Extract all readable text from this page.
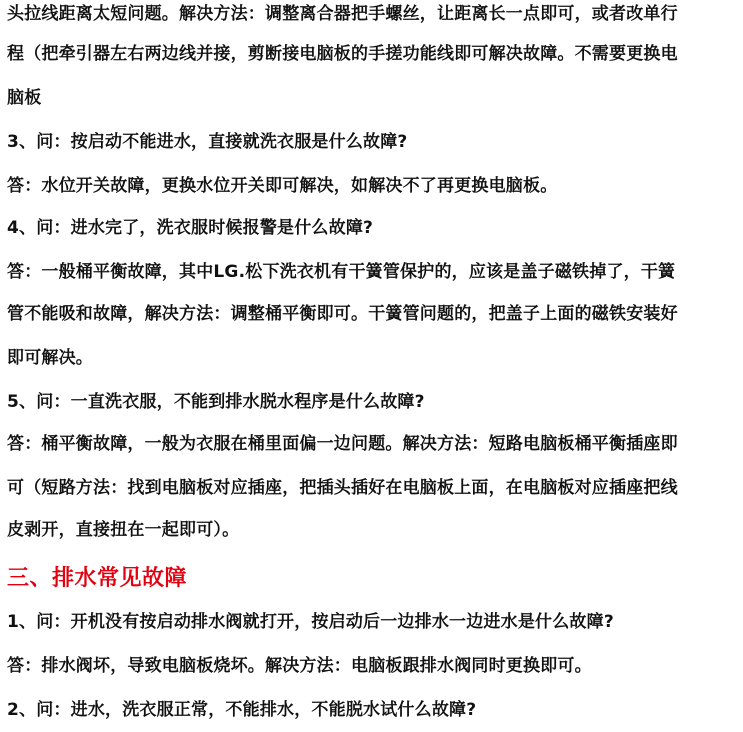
头拉线距离太短问题。解决方法：调整离合器把手螺丝，让距离长一点即可，或者改单行
程（把牵引器左右两边线并接，剪断接电脑板的手搓功能线即可解决故障。不需要更换电
脑板
3、问：按启动不能进水，直接就洗衣服是什么故障?
答：水位开关故障，更换水位开关即可解决，如解决不了再更换电脑板。
4、问：进水完了，洗衣服时候报警是什么故障?
答：一般桶平衡故障，其中LG.松下洗衣机有干簧管保护的，应该是盖子磁铁掉了，干簧
管不能吸和故障，解决方法：调整桶平衡即可。干簧管问题的，把盖子上面的磁铁安装好
即可解决。
5、问：一直洗衣服，不能到排水脱水程序是什么故障?
答：桶平衡故障，一般为衣服在桶里面偏一边问题。解决方法：短路电脑板桶平衡插座即
可（短路方法：找到电脑板对应插座，把插头插好在电脑板上面，在电脑板对应插座把线
皮剥开，直接扭在一起即可）。
三、排水常见故障
1、问：开机没有按启动排水阀就打开，按启动后一边排水一边进水是什么故障?
答：排水阀坏，导致电脑板烧坏。解决方法：电脑板跟排水阀同时更换即可。
2、问：进水，洗衣服正常，不能排水，不能脱水试什么故障?
